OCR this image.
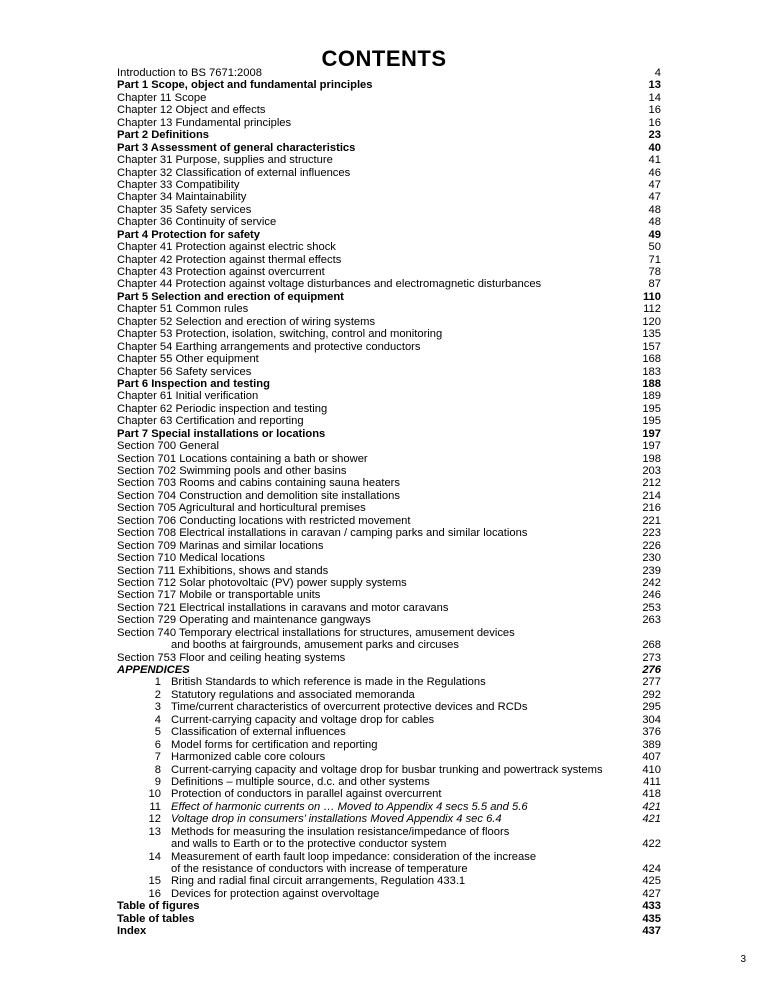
CONTENTS
Introduction to BS 7671:2008	4
Part 1 Scope, object and fundamental principles	13
Chapter 11 Scope	14
Chapter 12 Object and effects	16
Chapter 13 Fundamental principles	16
Part 2 Definitions	23
Part 3 Assessment of general characteristics	40
Chapter 31 Purpose, supplies and structure	41
Chapter 32 Classification of external influences	46
Chapter 33 Compatibility	47
Chapter 34 Maintainability	47
Chapter 35 Safety services	48
Chapter 36 Continuity of service	48
Part 4 Protection for safety	49
Chapter 41 Protection against electric shock	50
Chapter 42 Protection against thermal effects	71
Chapter 43 Protection against overcurrent	78
Chapter 44 Protection against voltage disturbances and electromagnetic disturbances	87
Part 5 Selection and erection of equipment	110
Chapter 51 Common rules	112
Chapter 52 Selection and erection of wiring systems	120
Chapter 53 Protection, isolation, switching, control and monitoring	135
Chapter 54 Earthing arrangements and protective conductors	157
Chapter 55 Other equipment	168
Chapter 56 Safety services	183
Part 6 Inspection and testing	188
Chapter 61 Initial verification	189
Chapter 62 Periodic inspection and testing	195
Chapter 63 Certification and reporting	195
Part 7 Special installations or locations	197
Section 700 General	197
Section 701 Locations containing a bath or shower	198
Section 702 Swimming pools and other basins	203
Section 703 Rooms and cabins containing sauna heaters	212
Section 704 Construction and demolition site installations	214
Section 705 Agricultural and horticultural premises	216
Section 706 Conducting locations with restricted movement	221
Section 708 Electrical installations in caravan / camping parks and similar locations	223
Section 709 Marinas and similar locations	226
Section 710 Medical locations	230
Section 711 Exhibitions, shows and stands	239
Section 712 Solar photovoltaic (PV) power supply systems	242
Section 717 Mobile or transportable units	246
Section 721 Electrical installations in caravans and motor caravans	253
Section 729 Operating and maintenance gangways	263
Section 740 Temporary electrical installations for structures, amusement devices
and booths at fairgrounds, amusement parks and circuses	268
Section 753 Floor and ceiling heating systems	273
APPENDICES	276
1 British Standards to which reference is made in the Regulations	277
2 Statutory regulations and associated memoranda	292
3 Time/current characteristics of overcurrent protective devices and RCDs	295
4 Current-carrying capacity and voltage drop for cables	304
5 Classification of external influences	376
6 Model forms for certification and reporting	389
7 Harmonized cable core colours	407
8 Current-carrying capacity and voltage drop for busbar trunking and powertrack systems	410
9 Definitions – multiple source, d.c. and other systems	411
10 Protection of conductors in parallel against overcurrent	418
11 Effect of harmonic currents on … Moved to Appendix 4 secs 5.5 and 5.6	421
12 Voltage drop in consumers’ installations Moved Appendix 4 sec 6.4	421
13 Methods for measuring the insulation resistance/impedance of floors
and walls to Earth or to the protective conductor system	422
14 Measurement of earth fault loop impedance: consideration of the increase
of the resistance of conductors with increase of temperature	424
15 Ring and radial final circuit arrangements, Regulation 433.1	425
16 Devices for protection against overvoltage	427
Table of figures	433
Table of tables	435
Index	437
3
